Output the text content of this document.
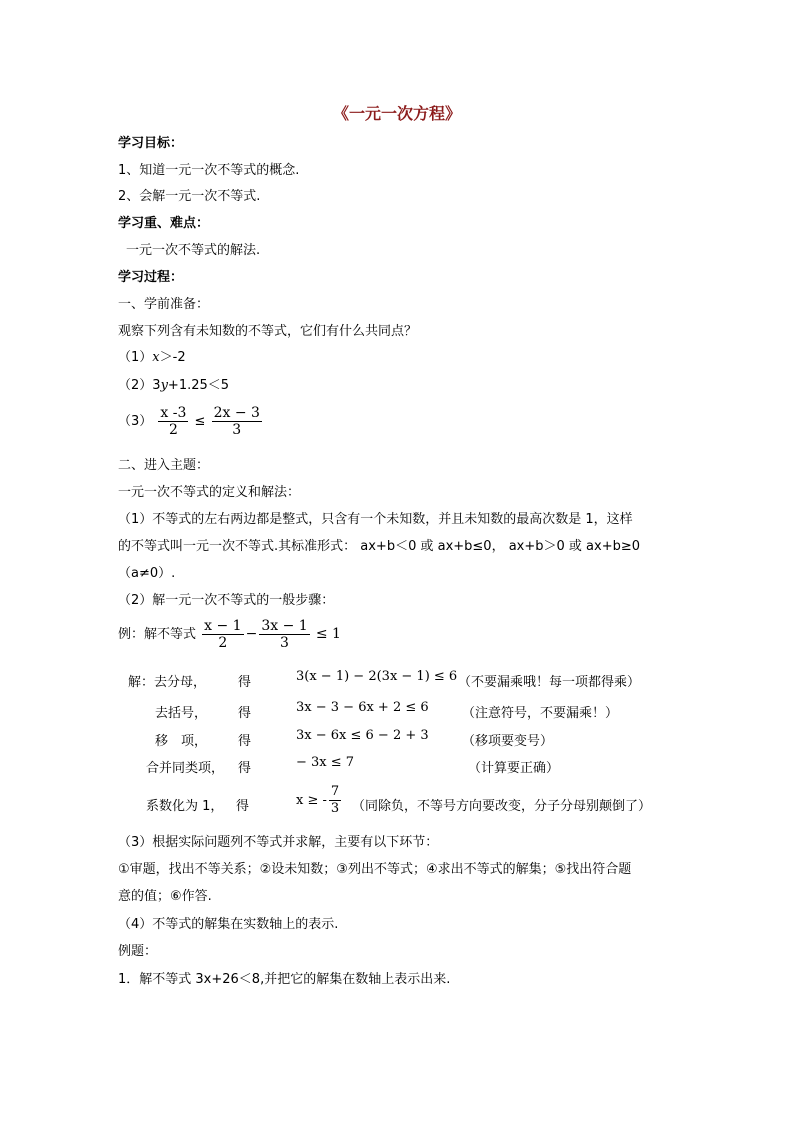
《一元一次方程》
学习目标：
1、知道一元一次不等式的概念.
2、会解一元一次不等式.
学习重、难点：
一元一次不等式的解法.
学习过程：
一、学前准备：
观察下列含有未知数的不等式，它们有什么共同点？
（1）x＞-2
（2）3y+1.25＜5
$(3) \frac{x -3}{2} \le \frac{2x - 3}{3}$
二、进入主题：
一元一次不等式的定义和解法：
（1）不等式的左右两边都是整式，只含有一个未知数，并且未知数的最高次数是 1，这样
的不等式叫一元一次不等式.其标准形式： ax+b＜0 或 ax+b≤0， ax+b＞0 或 ax+b≥0
（a≠0）.
（2）解一元一次不等式的一般步骤：
例：解不等式 $\frac{x - 1}{2} - \frac{3x - 1}{3} \le 1$
解：去分母， 得	3(x − 1) − 2(3x − 1) ≤ 6 （不要漏乘哦！每一项都得乘）
去括号， 得	3x − 3 − 6x + 2 ≤ 6	（注意符号，不要漏乘！）
移　项， 得	3x − 6x ≤ 6 − 2 + 3	（移项要变号）
合并同类项， 得	− 3x ≤ 7	（计算要正确）
系数化为 1， 得	x ≥ - $\frac{7}{3}$ （同除负，不等号方向要改变，分子分母别颠倒了）
（3）根据实际问题列不等式并求解，主要有以下环节：
①审题，找出不等关系；②设未知数；③列出不等式；④求出不等式的解集；⑤找出符合题
意的值；⑥作答.
（4）不等式的解集在实数轴上的表示.
例题：
1．解不等式 3x+26＜8,并把它的解集在数轴上表示出来.
